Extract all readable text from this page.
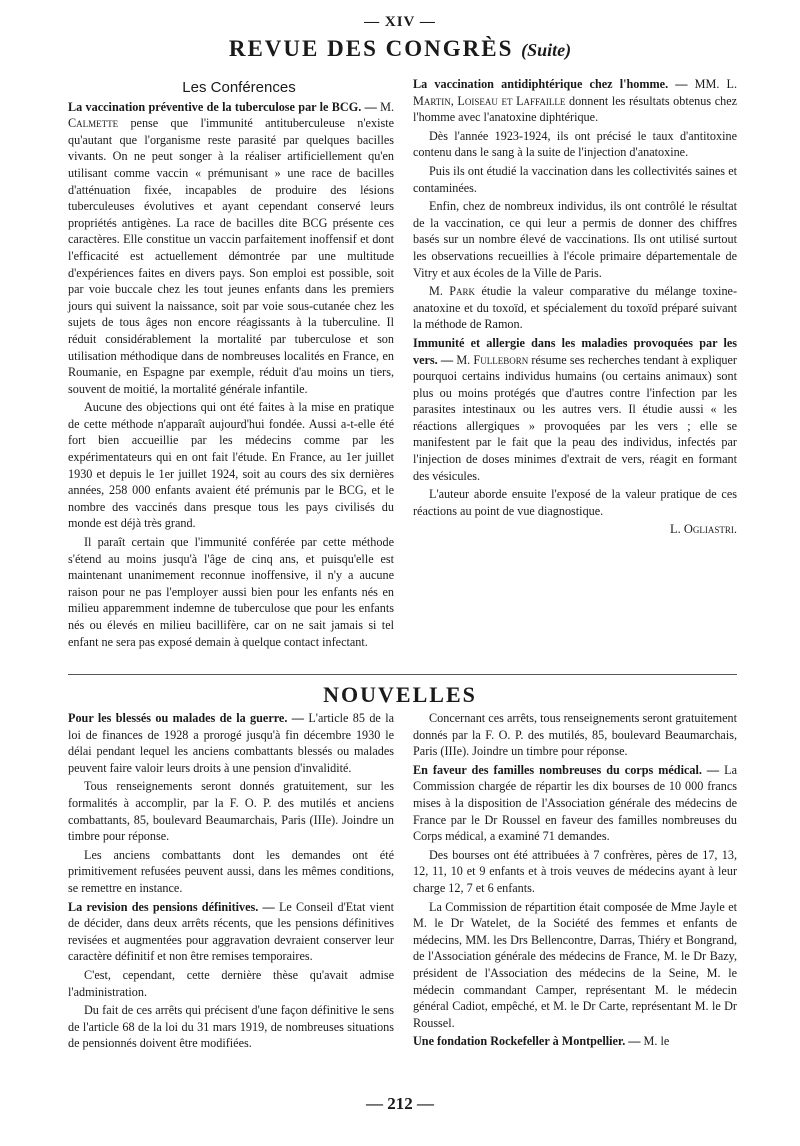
— XIV —
REVUE DES CONGRÈS (Suite)

Les Conférences

La vaccination préventive de la tuberculose par le BCG. — M. Calmette pense que l'immunité antituberculeuse n'existe qu'autant que l'organisme reste parasité par quelques bacilles vivants. On ne peut songer à la réaliser artificiellement qu'en utilisant comme vaccin « prémunisant » une race de bacilles d'atténuation fixée, incapables de produire des lésions tuberculeuses évolutives et ayant cependant conservé leurs propriétés antigènes. La race de bacilles dite BCG présente ces caractères. Elle constitue un vaccin parfaitement inoffensif et dont l'efficacité est actuellement démontrée par une multitude d'expériences faites en divers pays. Son emploi est possible, soit par voie buccale chez les tout jeunes enfants dans les premiers jours qui suivent la naissance, soit par voie sous-cutanée chez les sujets de tous âges non encore réagissants à la tuberculine. Il réduit considérablement la mortalité par tuberculose et son utilisation méthodique dans de nombreuses localités en France, en Roumanie, en Espagne par exemple, réduit d'au moins un tiers, souvent de moitié, la mortalité générale infantile.

Aucune des objections qui ont été faites à la mise en pratique de cette méthode n'apparaît aujourd'hui fondée. Aussi a-t-elle été fort bien accueillie par les médecins comme par les expérimentateurs qui en ont fait l'étude. En France, au 1er juillet 1930 et depuis le 1er juillet 1924, soit au cours des six dernières années, 258 000 enfants avaient été prémunis par le BCG, et le nombre des vaccinés dans presque tous les pays civilisés du monde est déjà très grand.

Il paraît certain que l'immunité conférée par cette méthode s'étend au moins jusqu'à l'âge de cinq ans, et puisqu'elle est maintenant unanimement reconnue inoffensive, il n'y a aucune raison pour ne pas l'employer aussi bien pour les enfants nés en milieu apparemment indemne de tuberculose que pour les enfants nés ou élevés en milieu bacillifère, car on ne sait jamais si tel enfant ne sera pas exposé demain à quelque contact infectant.

La vaccination antidiphtérique chez l'homme. — MM. L. Martin, Loiseau et Laffaille donnent les résultats obtenus chez l'homme avec l'anatoxine diphtérique.

Dès l'année 1923-1924, ils ont précisé le taux d'antitoxine contenu dans le sang à la suite de l'injection d'anatoxine.

Puis ils ont étudié la vaccination dans les collectivités saines et contaminées.

Enfin, chez de nombreux individus, ils ont contrôlé le résultat de la vaccination, ce qui leur a permis de donner des chiffres basés sur un nombre élevé de vaccinations. Ils ont utilisé surtout les observations recueillies à l'école primaire départementale de Vitry et aux écoles de la Ville de Paris.

M. Park étudie la valeur comparative du mélange toxine-anatoxine et du toxoïd, et spécialement du toxoïd préparé suivant la méthode de Ramon.

Immunité et allergie dans les maladies provoquées par les vers. — M. Fulleborn résume ses recherches tendant à expliquer pourquoi certains individus humains (ou certains animaux) sont plus ou moins protégés que d'autres contre l'infection par les parasites intestinaux ou les autres vers. Il étudie aussi « les réactions allergiques » provoquées par les vers ; elle se manifestent par le fait que la peau des individus, infectés par l'injection de doses minimes d'extrait de vers, réagit en formant des vésicules.

L'auteur aborde ensuite l'exposé de la valeur pratique de ces réactions au point de vue diagnostique.

L. Ogliastri.

NOUVELLES

Pour les blessés ou malades de la guerre. — L'article 85 de la loi de finances de 1928 a prorogé jusqu'à fin décembre 1930 le délai pendant lequel les anciens combattants blessés ou malades peuvent faire valoir leurs droits à une pension d'invalidité.

Tous renseignements seront donnés gratuitement, sur les formalités à accomplir, par la F. O. P. des mutilés et anciens combattants, 85, boulevard Beaumarchais, Paris (IIIe). Joindre un timbre pour réponse.

Les anciens combattants dont les demandes ont été primitivement refusées peuvent aussi, dans les mêmes conditions, se remettre en instance.

La revision des pensions définitives. — Le Conseil d'Etat vient de décider, dans deux arrêts récents, que les pensions définitives revisées et augmentées pour aggravation devraient conserver leur caractère définitif et non être remises temporaires.

C'est, cependant, cette dernière thèse qu'avait admise l'administration.

Du fait de ces arrêts qui précisent d'une façon définitive le sens de l'article 68 de la loi du 31 mars 1919, de nombreuses situations de pensionnés doivent être modifiées.

Concernant ces arrêts, tous renseignements seront gratuitement donnés par la F. O. P. des mutilés, 85, boulevard Beaumarchais, Paris (IIIe). Joindre un timbre pour réponse.

En faveur des familles nombreuses du corps médical. — La Commission chargée de répartir les dix bourses de 10 000 francs mises à la disposition de l'Association générale des médecins de France par le Dr Roussel en faveur des familles nombreuses du Corps médical, a examiné 71 demandes.

Des bourses ont été attribuées à 7 confrères, pères de 17, 13, 12, 11, 10 et 9 enfants et à trois veuves de médecins ayant à leur charge 12, 7 et 6 enfants.

La Commission de répartition était composée de Mme Jayle et M. le Dr Watelet, de la Société des femmes et enfants de médecins, MM. les Drs Bellencontre, Darras, Thiéry et Bongrand, de l'Association générale des médecins de France, M. le Dr Bazy, président de l'Association des médecins de la Seine, M. le médecin commandant Camper, représentant M. le médecin général Cadiot, empêché, et M. le Dr Carte, représentant M. le Dr Roussel.

Une fondation Rockefeller à Montpellier. — M. le

— 212 —
